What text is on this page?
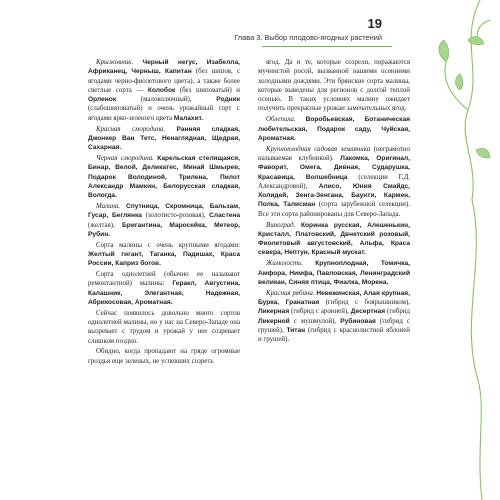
19
Глава 3. Выбор плодово-ягодных растений

Крыжовник. Черный негус, Изабелла, Африканец, Черныш, Капитан (без шипов, с ягодами черно-фиолетового цвета), а также более светлые сорта — Колобок (без шиповатый) и Орленок (малоколючный), Родник (слабошиповатый) и очень урожайный сорт с ягодами ярко-зеленого цвета Малахит.

Красная смородина. Ранняя сладкая, Джонкер Ван Тетс, Ненаглядная, Щедрая, Сахарная.

Черная смородина. Карельская стелящаяся, Бинар, Велой, Деликатес, Минай Шмырев, Подарок Володиной, Трилена, Пилот Александр Мамкин, Белорусская сладкая, Вологда.

Малина. Спутница, Скромница, Бальзам, Гусар, Беглянка (золотисто-розовая), Сластена (желтая), Бригантина, Маросейка, Метеор, Рубин.

Сорта малины с очень крупными ягодами: Желтый гигант, Таганка, Падишах, Краса России, Каприз богов.

Сорта однолетней (обычно ее называют ремонтантной) малины: Геракл, Августина, Калашник, Элегантная, Надежная, Абрикосовая, Ароматная.

Сейчас появилось довольно много сортов однолетней малины, но у нас на Северо-Западе она вызревает с трудом и урожай у нее созревает слишком поздно.

Обидно, когда пропадают на гряде огромные гроздья еще зеленых, не успевших созреть

ягод. Да и те, которые созрели, поражаются мучнистой росой, вызванной нашими осенними холодными дождями. Эти брянские сорта малины, которые выведены для регионов с долгой теплой осенью. В таких условиях малину ожидает получить прекрасные урожаи замечательных ягод.

Облепиха. Воробьевская, Ботаническая любительская, Подарок саду, Чуйская, Ароматная.

Крупноплодная садовая земляника (неграмотно называемая клубникой). Лакомка, Оригинал, Фаворит, Омега, Дивная, Сударушка, Красавица, Волшебница (селекции Г.Д. Александровой), Алисо, Юния Смайдс, Холидей, Зенга-Зенгана, Баунти, Кармен, Полка, Талисман (сорта зарубежной селекции). Все эти сорта районированы для Северо-Запада.

Виноград. Коринка русская, Алешенькин, Кристалл, Платовский, Двнетский розовый, Фиолетовый августовский, Альфа, Краса севера, Нептун, Красный мускат.

Жимолость. Крупноплодная, Томичка, Амфора, Нимфа, Павловская, Ленинградский великан, Синяя птица, Фиалка, Морена.

Красная рябина. Невежинская, Алая крупная, Бурка, Гранатная (гибрид с боярышником), Ликерная (гибрид с аронией), Десертная (гибрид Ликерной с мушмулой), Рубиновая (гибрид с грушей), Титан (гибрид с краснолистной яблоней и грушей).
